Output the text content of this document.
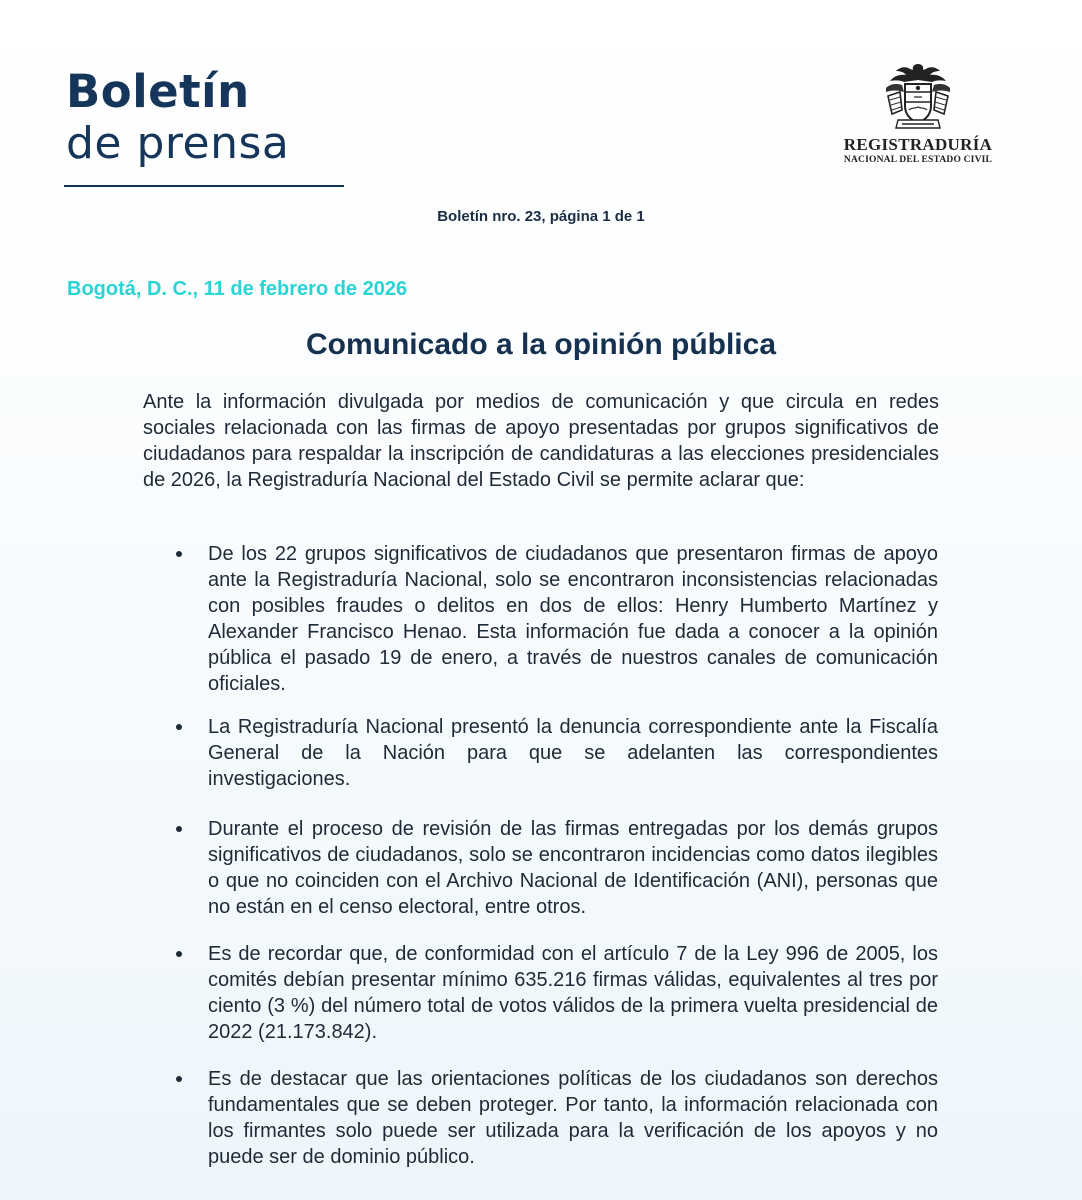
Boletín
de prensa	REGISTRADURÍA
NACIONAL DEL ESTADO CIVIL
Boletín nro. 23, página 1 de 1
Bogotá, D. C., 11 de febrero de 2026
Comunicado a la opinión pública

Ante la información divulgada por medios de comunicación y que circula en redes sociales relacionada con las firmas de apoyo presentadas por grupos significativos de ciudadanos para respaldar la inscripción de candidaturas a las elecciones presidenciales de 2026, la Registraduría Nacional del Estado Civil se permite aclarar que:

De los 22 grupos significativos de ciudadanos que presentaron firmas de apoyo ante la Registraduría Nacional, solo se encontraron inconsistencias relacionadas con posibles fraudes o delitos en dos de ellos: Henry Humberto Martínez y Alexander Francisco Henao. Esta información fue dada a conocer a la opinión pública el pasado 19 de enero, a través de nuestros canales de comunicación oficiales.

La Registraduría Nacional presentó la denuncia correspondiente ante la Fiscalía General de la Nación para que se adelanten las correspondientes investigaciones.

Durante el proceso de revisión de las firmas entregadas por los demás grupos significativos de ciudadanos, solo se encontraron incidencias como datos ilegibles o que no coinciden con el Archivo Nacional de Identificación (ANI), personas que no están en el censo electoral, entre otros.

Es de recordar que, de conformidad con el artículo 7 de la Ley 996 de 2005, los comités debían presentar mínimo 635.216 firmas válidas, equivalentes al tres por ciento (3 %) del número total de votos válidos de la primera vuelta presidencial de 2022 (21.173.842).

Es de destacar que las orientaciones políticas de los ciudadanos son derechos fundamentales que se deben proteger. Por tanto, la información relacionada con los firmantes solo puede ser utilizada para la verificación de los apoyos y no puede ser de dominio público.
